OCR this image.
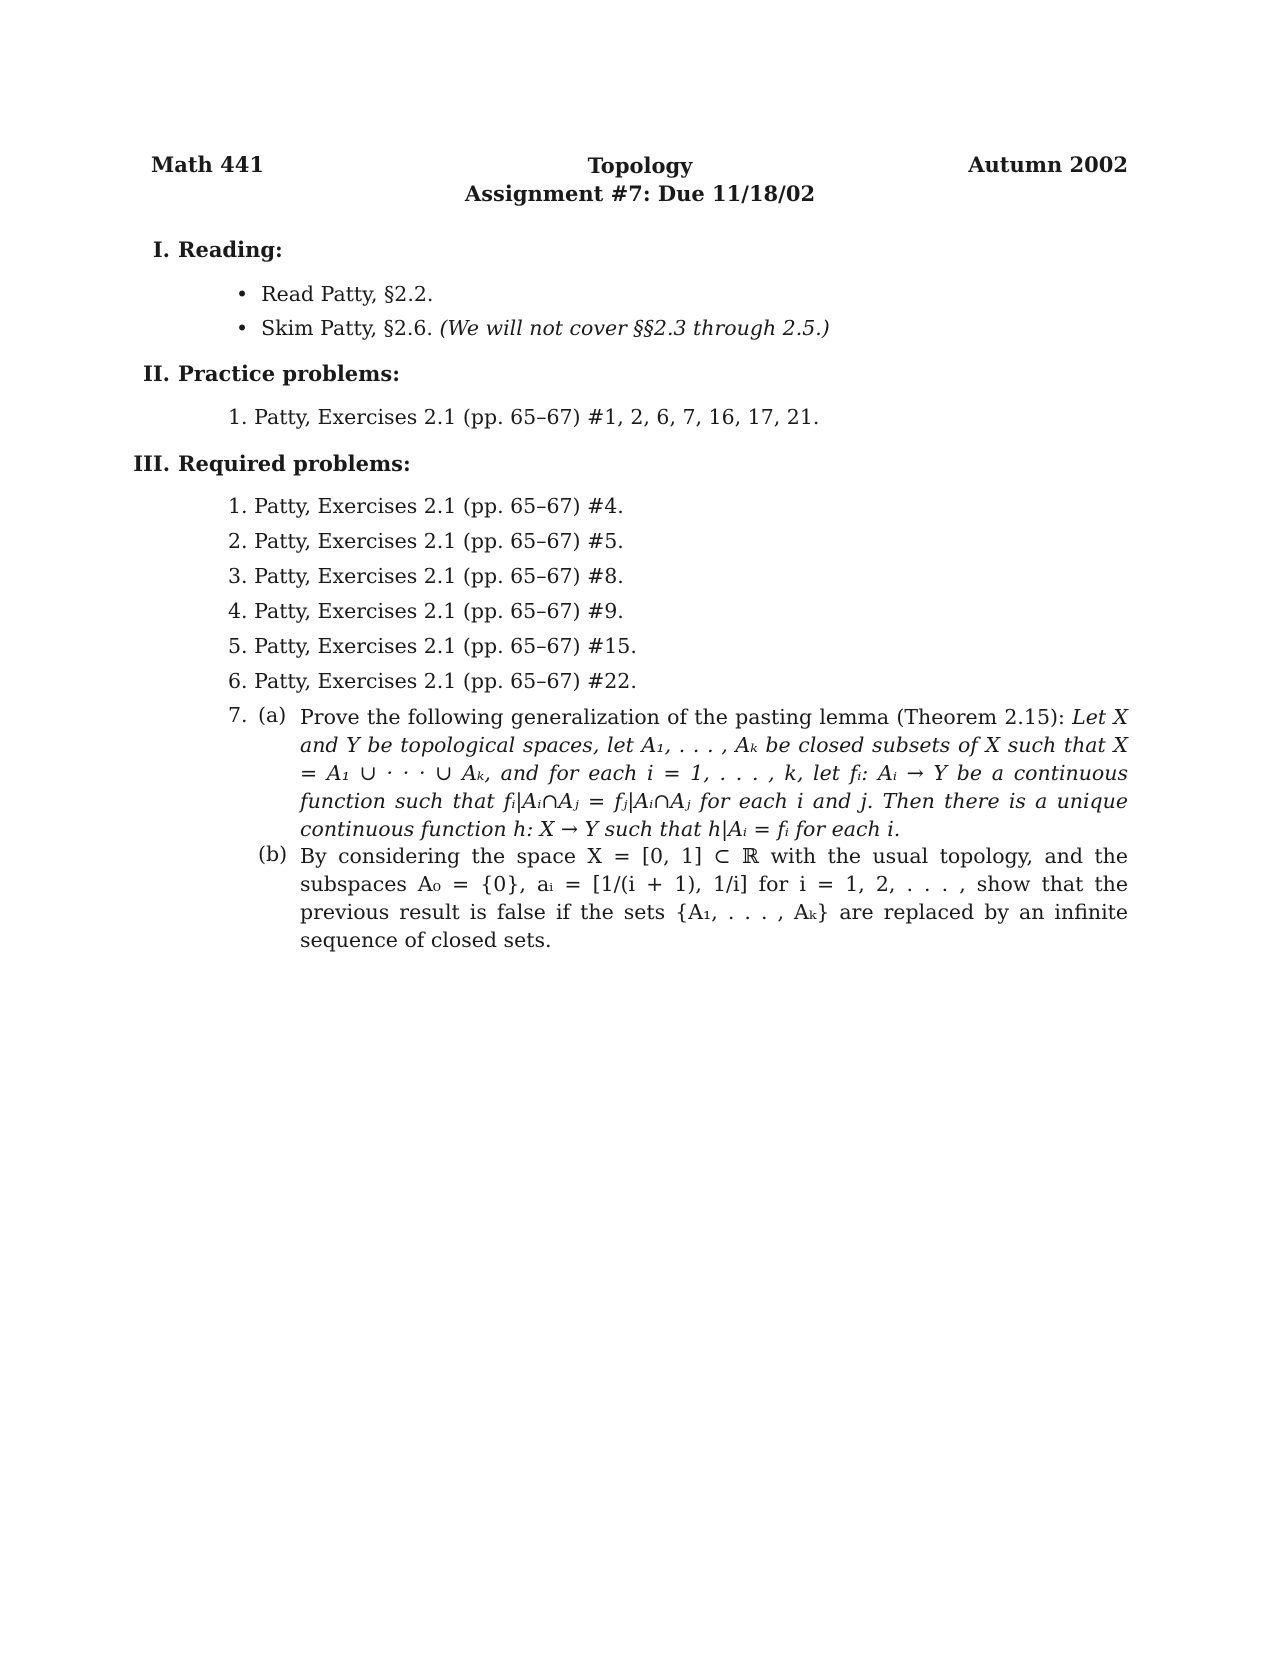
Math 441	Topology
Assignment #7: Due 11/18/02
Autumn 2002
I. Reading:
• Read Patty, §2.2.
• Skim Patty, §2.6. (We will not cover §§2.3 through 2.5.)
II. Practice problems:
1. Patty, Exercises 2.1 (pp. 65–67) #1, 2, 6, 7, 16, 17, 21.
III. Required problems:
1. Patty, Exercises 2.1 (pp. 65–67) #4.
2. Patty, Exercises 2.1 (pp. 65–67) #5.
3. Patty, Exercises 2.1 (pp. 65–67) #8.
4. Patty, Exercises 2.1 (pp. 65–67) #9.
5. Patty, Exercises 2.1 (pp. 65–67) #15.
6. Patty, Exercises 2.1 (pp. 65–67) #22.
7. (a) Prove the following generalization of the pasting lemma (Theorem 2.15): Let X and Y be topological spaces, let A₁, . . . , Aₖ be closed subsets of X such that X = A₁ ∪ · · · ∪ Aₖ, and for each i = 1, . . . , k, let fᵢ: Aᵢ → Y be a continuous function such that fᵢ|Aᵢ∩Aⱼ = fⱼ|Aᵢ∩Aⱼ for each i and j. Then there is a unique continuous function h: X → Y such that h|Aᵢ = fᵢ for each i.
(b) By considering the space X = [0, 1] ⊂ ℝ with the usual topology, and the subspaces A₀ = {0}, aᵢ = [1/(i + 1), 1/i] for i = 1, 2, . . . , show that the previous result is false if the sets {A₁, . . . , Aₖ} are replaced by an infinite sequence of closed sets.
